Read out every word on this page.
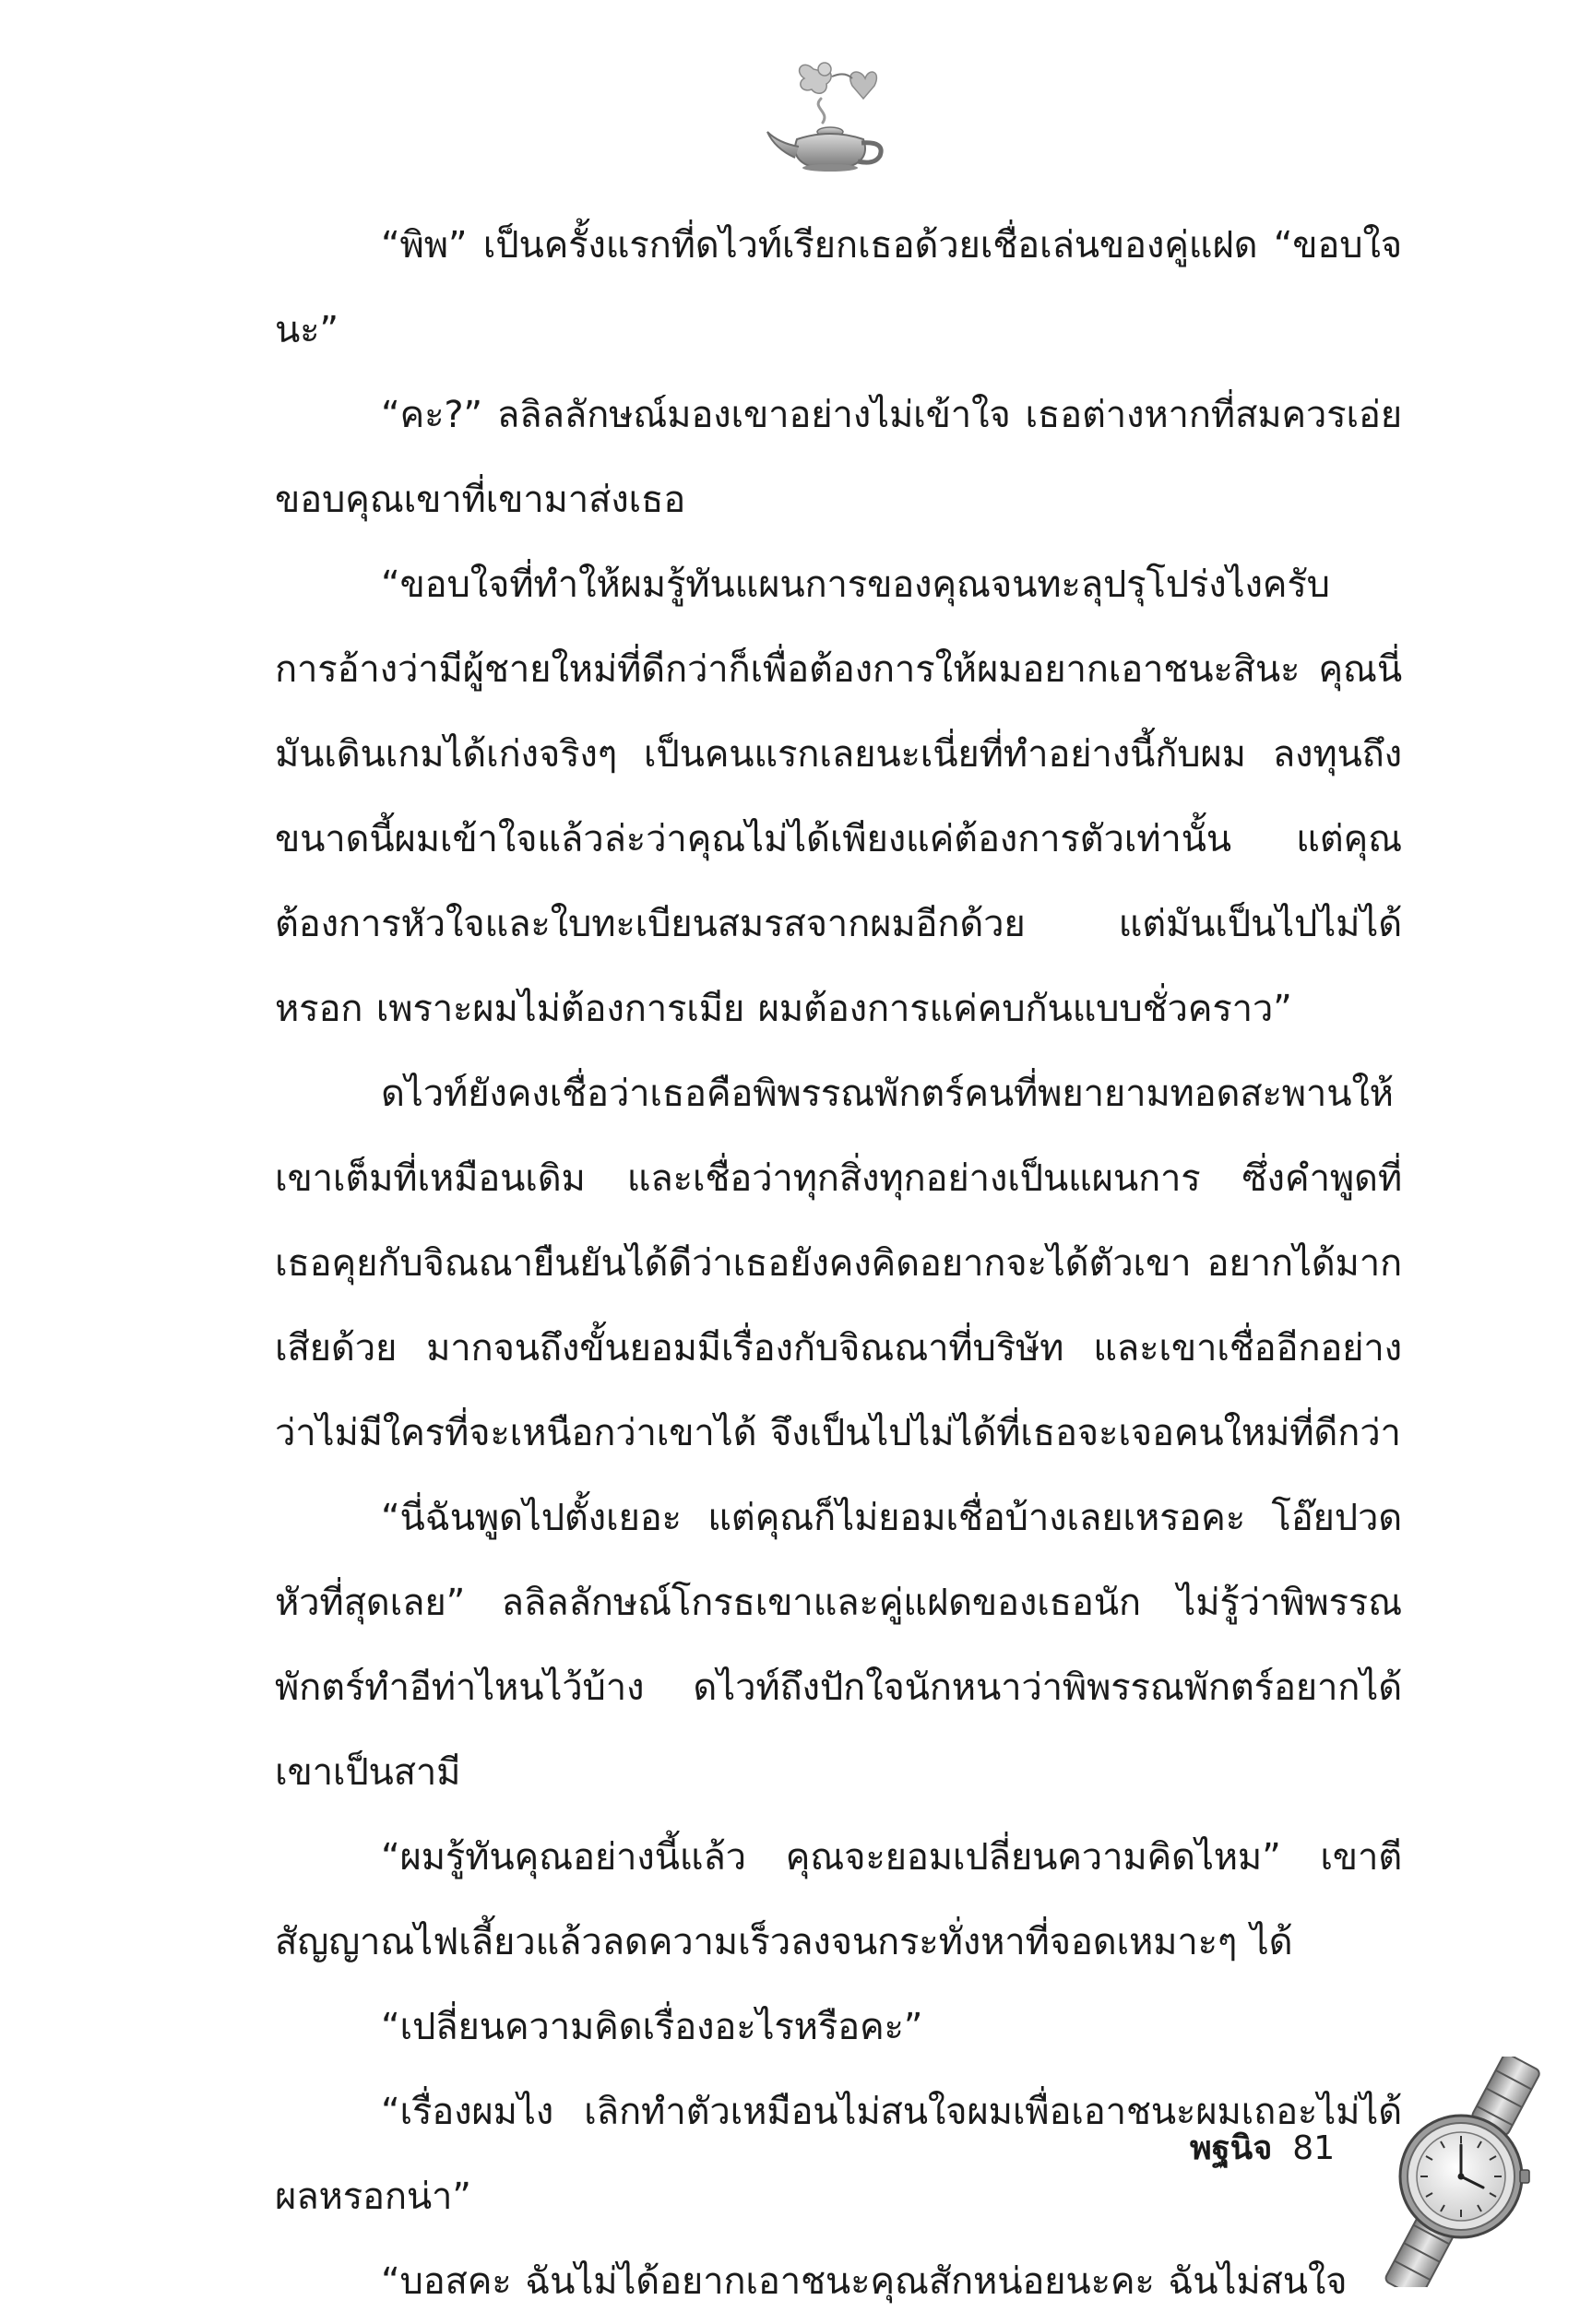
“พิพ” เป็นครั้งแรกที่ดไวท์เรียกเธอด้วยเชื่อเล่นของคู่แฝด “ขอบใจนะ”

“คะ?” ลลิลลักษณ์มองเขาอย่างไม่เข้าใจ เธอต่างหากที่สมควรเอ่ยขอบคุณเขาที่เขามาส่งเธอ

“ขอบใจที่ทำให้ผมรู้ทันแผนการของคุณจนทะลุปรุโปร่งไงครับ การอ้างว่ามีผู้ชายใหม่ที่ดีกว่าก็เพื่อต้องการให้ผมอยากเอาชนะสินะ คุณนี่มันเดินเกมได้เก่งจริงๆ เป็นคนแรกเลยนะเนี่ยที่ทำอย่างนี้กับผม ลงทุนถึงขนาดนี้ผมเข้าใจแล้วล่ะว่าคุณไม่ได้เพียงแค่ต้องการตัวเท่านั้น แต่คุณต้องการหัวใจและใบทะเบียนสมรสจากผมอีกด้วย แต่มันเป็นไปไม่ได้หรอก เพราะผมไม่ต้องการเมีย ผมต้องการแค่คบกันแบบชั่วคราว”

ดไวท์ยังคงเชื่อว่าเธอคือพิพรรณพักตร์คนที่พยายามทอดสะพานให้เขาเต็มที่เหมือนเดิม และเชื่อว่าทุกสิ่งทุกอย่างเป็นแผนการ ซึ่งคำพูดที่เธอคุยกับจิณณายืนยันได้ดีว่าเธอยังคงคิดอยากจะได้ตัวเขา อยากได้มากเสียด้วย มากจนถึงขั้นยอมมีเรื่องกับจิณณาที่บริษัท และเขาเชื่ออีกอย่างว่าไม่มีใครที่จะเหนือกว่าเขาได้ จึงเป็นไปไม่ได้ที่เธอจะเจอคนใหม่ที่ดีกว่า

“นี่ฉันพูดไปตั้งเยอะ แต่คุณก็ไม่ยอมเชื่อบ้างเลยเหรอคะ โอ๊ยปวดหัวที่สุดเลย” ลลิลลักษณ์โกรธเขาและคู่แฝดของเธอนัก ไม่รู้ว่าพิพรรณพักตร์ทำอีท่าไหนไว้บ้าง ดไวท์ถึงปักใจนักหนาว่าพิพรรณพักตร์อยากได้เขาเป็นสามี

“ผมรู้ทันคุณอย่างนี้แล้ว คุณจะยอมเปลี่ยนความคิดไหม” เขาตีสัญญาณไฟเลี้ยวแล้วลดความเร็วลงจนกระทั่งหาที่จอดเหมาะๆ ได้

“เปลี่ยนความคิดเรื่องอะไรหรือคะ”

“เรื่องผมไง เลิกทำตัวเหมือนไม่สนใจผมเพื่อเอาชนะผมเถอะไม่ได้ผลหรอกน่า”

“บอสคะ ฉันไม่ได้อยากเอาชนะคุณสักหน่อยนะคะ ฉันไม่สนใจ

พฐนิจ 81
